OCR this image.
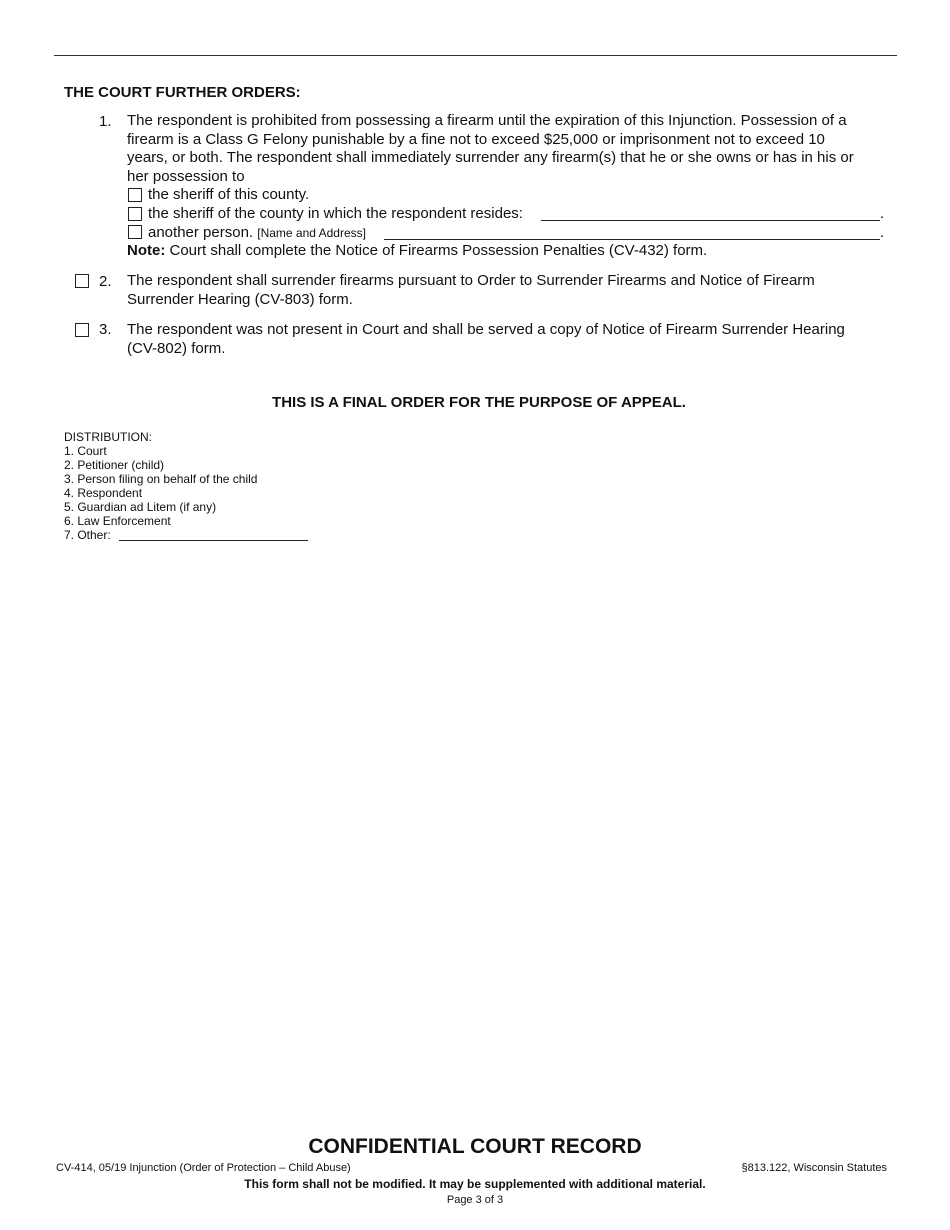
THE COURT FURTHER ORDERS:
1. The respondent is prohibited from possessing a firearm until the expiration of this Injunction. Possession of a
firearm is a Class G Felony punishable by a fine not to exceed $25,000 or imprisonment not to exceed 10
years, or both. The respondent shall immediately surrender any firearm(s) that he or she owns or has in his or
her possession to
the sheriff of this county.
the sheriff of the county in which the respondent resides:	.
another person. [Name and Address]	.
Note: Court shall complete the Notice of Firearms Possession Penalties (CV-432) form.
2. The respondent shall surrender firearms pursuant to Order to Surrender Firearms and Notice of Firearm
Surrender Hearing (CV-803) form.
3. The respondent was not present in Court and shall be served a copy of Notice of Firearm Surrender Hearing
(CV-802) form.
THIS IS A FINAL ORDER FOR THE PURPOSE OF APPEAL.
DISTRIBUTION:
1. Court
2. Petitioner (child)
3. Person filing on behalf of the child
4. Respondent
5. Guardian ad Litem (if any)
6. Law Enforcement
7. Other:
CONFIDENTIAL COURT RECORD
CV-414, 05/19 Injunction (Order of Protection – Child Abuse)	§813.122, Wisconsin Statutes
This form shall not be modified. It may be supplemented with additional material.
Page 3 of 3
